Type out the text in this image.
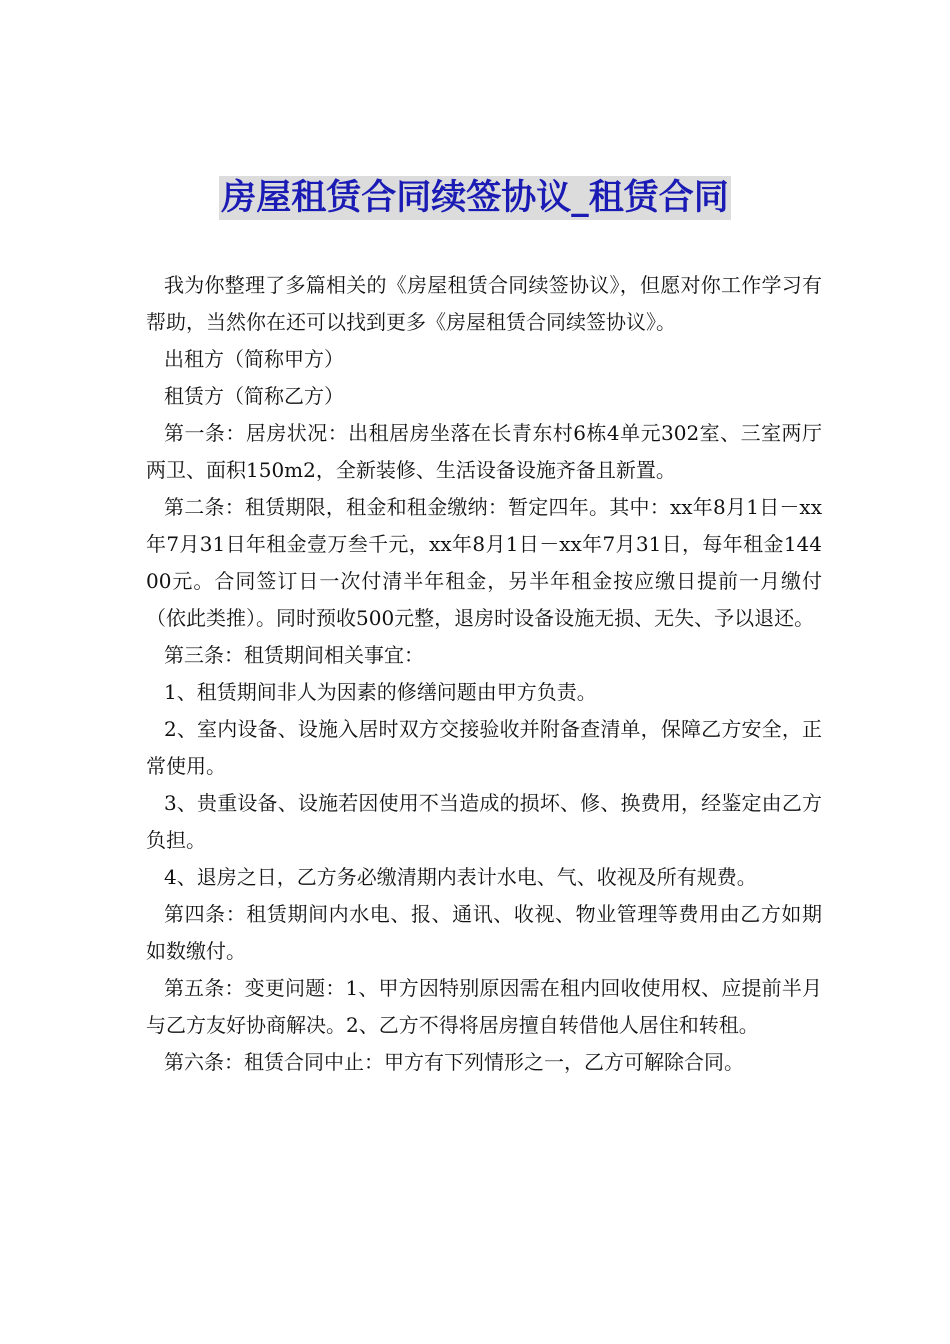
房屋租赁合同续签协议_租赁合同

我为你整理了多篇相关的《房屋租赁合同续签协议》，但愿对你工作学习有帮助，当然你在还可以找到更多《房屋租赁合同续签协议》。

出租方（简称甲方）

租赁方（简称乙方）

第一条：居房状况：出租居房坐落在长青东村6栋4单元302室、三室两厅两卫、面积150m2，全新装修、生活设备设施齐备且新置。

第二条：租赁期限，租金和租金缴纳：暂定四年。其中：xx年8月1日－xx年7月31日年租金壹万叁千元，xx年8月1日－xx年7月31日，每年租金14400元。合同签订日一次付清半年租金，另半年租金按应缴日提前一月缴付（依此类推）。同时预收500元整，退房时设备设施无损、无失、予以退还。

第三条：租赁期间相关事宜：

1、租赁期间非人为因素的修缮问题由甲方负责。

2、室内设备、设施入居时双方交接验收并附备查清单，保障乙方安全，正常使用。

3、贵重设备、设施若因使用不当造成的损坏、修、换费用，经鉴定由乙方负担。

4、退房之日，乙方务必缴清期内表计水电、气、收视及所有规费。

第四条：租赁期间内水电、报、通讯、收视、物业管理等费用由乙方如期如数缴付。

第五条：变更问题：1、甲方因特别原因需在租内回收使用权、应提前半月与乙方友好协商解决。2、乙方不得将居房擅自转借他人居住和转租。

第六条：租赁合同中止：甲方有下列情形之一，乙方可解除合同。
